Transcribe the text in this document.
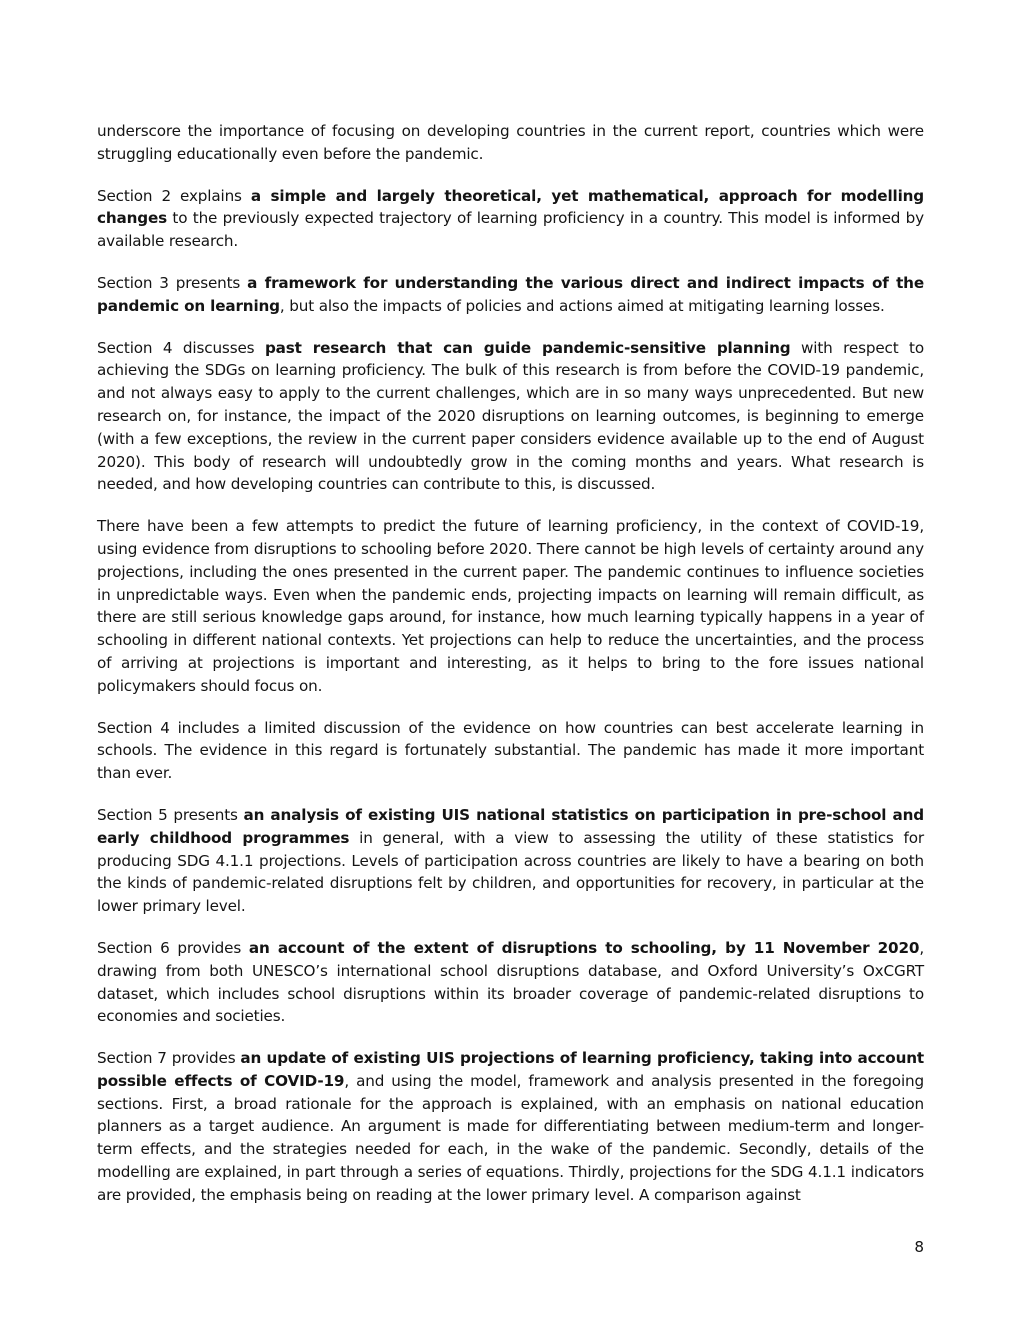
underscore the importance of focusing on developing countries in the current report, countries which were struggling educationally even before the pandemic.

Section 2 explains a simple and largely theoretical, yet mathematical, approach for modelling changes to the previously expected trajectory of learning proficiency in a country. This model is informed by available research.

Section 3 presents a framework for understanding the various direct and indirect impacts of the pandemic on learning, but also the impacts of policies and actions aimed at mitigating learning losses.

Section 4 discusses past research that can guide pandemic-sensitive planning with respect to achieving the SDGs on learning proficiency. The bulk of this research is from before the COVID-19 pandemic, and not always easy to apply to the current challenges, which are in so many ways unprecedented. But new research on, for instance, the impact of the 2020 disruptions on learning outcomes, is beginning to emerge (with a few exceptions, the review in the current paper considers evidence available up to the end of August 2020). This body of research will undoubtedly grow in the coming months and years. What research is needed, and how developing countries can contribute to this, is discussed.

There have been a few attempts to predict the future of learning proficiency, in the context of COVID-19, using evidence from disruptions to schooling before 2020. There cannot be high levels of certainty around any projections, including the ones presented in the current paper. The pandemic continues to influence societies in unpredictable ways. Even when the pandemic ends, projecting impacts on learning will remain difficult, as there are still serious knowledge gaps around, for instance, how much learning typically happens in a year of schooling in different national contexts. Yet projections can help to reduce the uncertainties, and the process of arriving at projections is important and interesting, as it helps to bring to the fore issues national policymakers should focus on.

Section 4 includes a limited discussion of the evidence on how countries can best accelerate learning in schools. The evidence in this regard is fortunately substantial. The pandemic has made it more important than ever.

Section 5 presents an analysis of existing UIS national statistics on participation in pre-school and early childhood programmes in general, with a view to assessing the utility of these statistics for producing SDG 4.1.1 projections. Levels of participation across countries are likely to have a bearing on both the kinds of pandemic-related disruptions felt by children, and opportunities for recovery, in particular at the lower primary level.

Section 6 provides an account of the extent of disruptions to schooling, by 11 November 2020, drawing from both UNESCO’s international school disruptions database, and Oxford University’s OxCGRT dataset, which includes school disruptions within its broader coverage of pandemic-related disruptions to economies and societies.

Section 7 provides an update of existing UIS projections of learning proficiency, taking into account possible effects of COVID-19, and using the model, framework and analysis presented in the foregoing sections. First, a broad rationale for the approach is explained, with an emphasis on national education planners as a target audience. An argument is made for differentiating between medium-term and longer-term effects, and the strategies needed for each, in the wake of the pandemic. Secondly, details of the modelling are explained, in part through a series of equations. Thirdly, projections for the SDG 4.1.1 indicators are provided, the emphasis being on reading at the lower primary level. A comparison against

8
